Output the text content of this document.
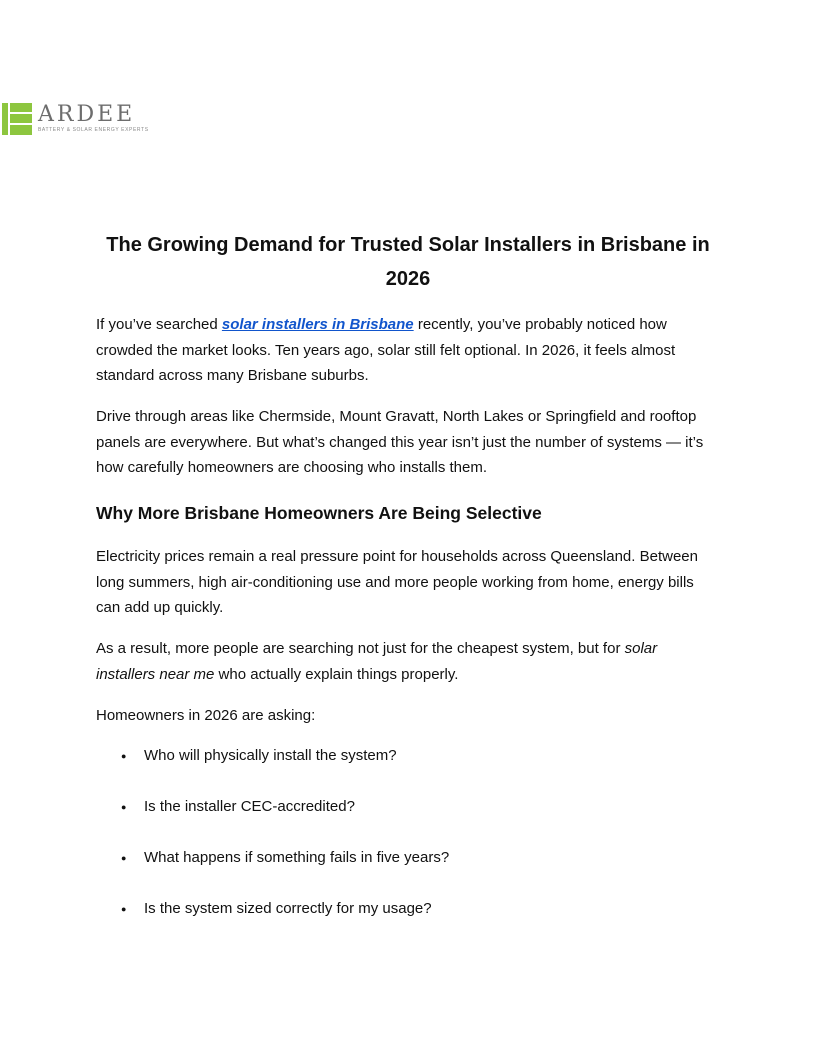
ARDEE
BATTERY & SOLAR ENERGY EXPERTS
The Growing Demand for Trusted Solar Installers in Brisbane in 2026

If you’ve searched solar installers in Brisbane recently, you’ve probably noticed how crowded the market looks. Ten years ago, solar still felt optional. In 2026, it feels almost standard across many Brisbane suburbs.

Drive through areas like Chermside, Mount Gravatt, North Lakes or Springfield and rooftop panels are everywhere. But what’s changed this year isn’t just the number of systems — it’s how carefully homeowners are choosing who installs them.

Why More Brisbane Homeowners Are Being Selective

Electricity prices remain a real pressure point for households across Queensland. Between long summers, high air-conditioning use and more people working from home, energy bills can add up quickly.

As a result, more people are searching not just for the cheapest system, but for solar installers near me who actually explain things properly.

Homeowners in 2026 are asking:

● Who will physically install the system?
● Is the installer CEC-accredited?
● What happens if something fails in five years?
● Is the system sized correctly for my usage?
